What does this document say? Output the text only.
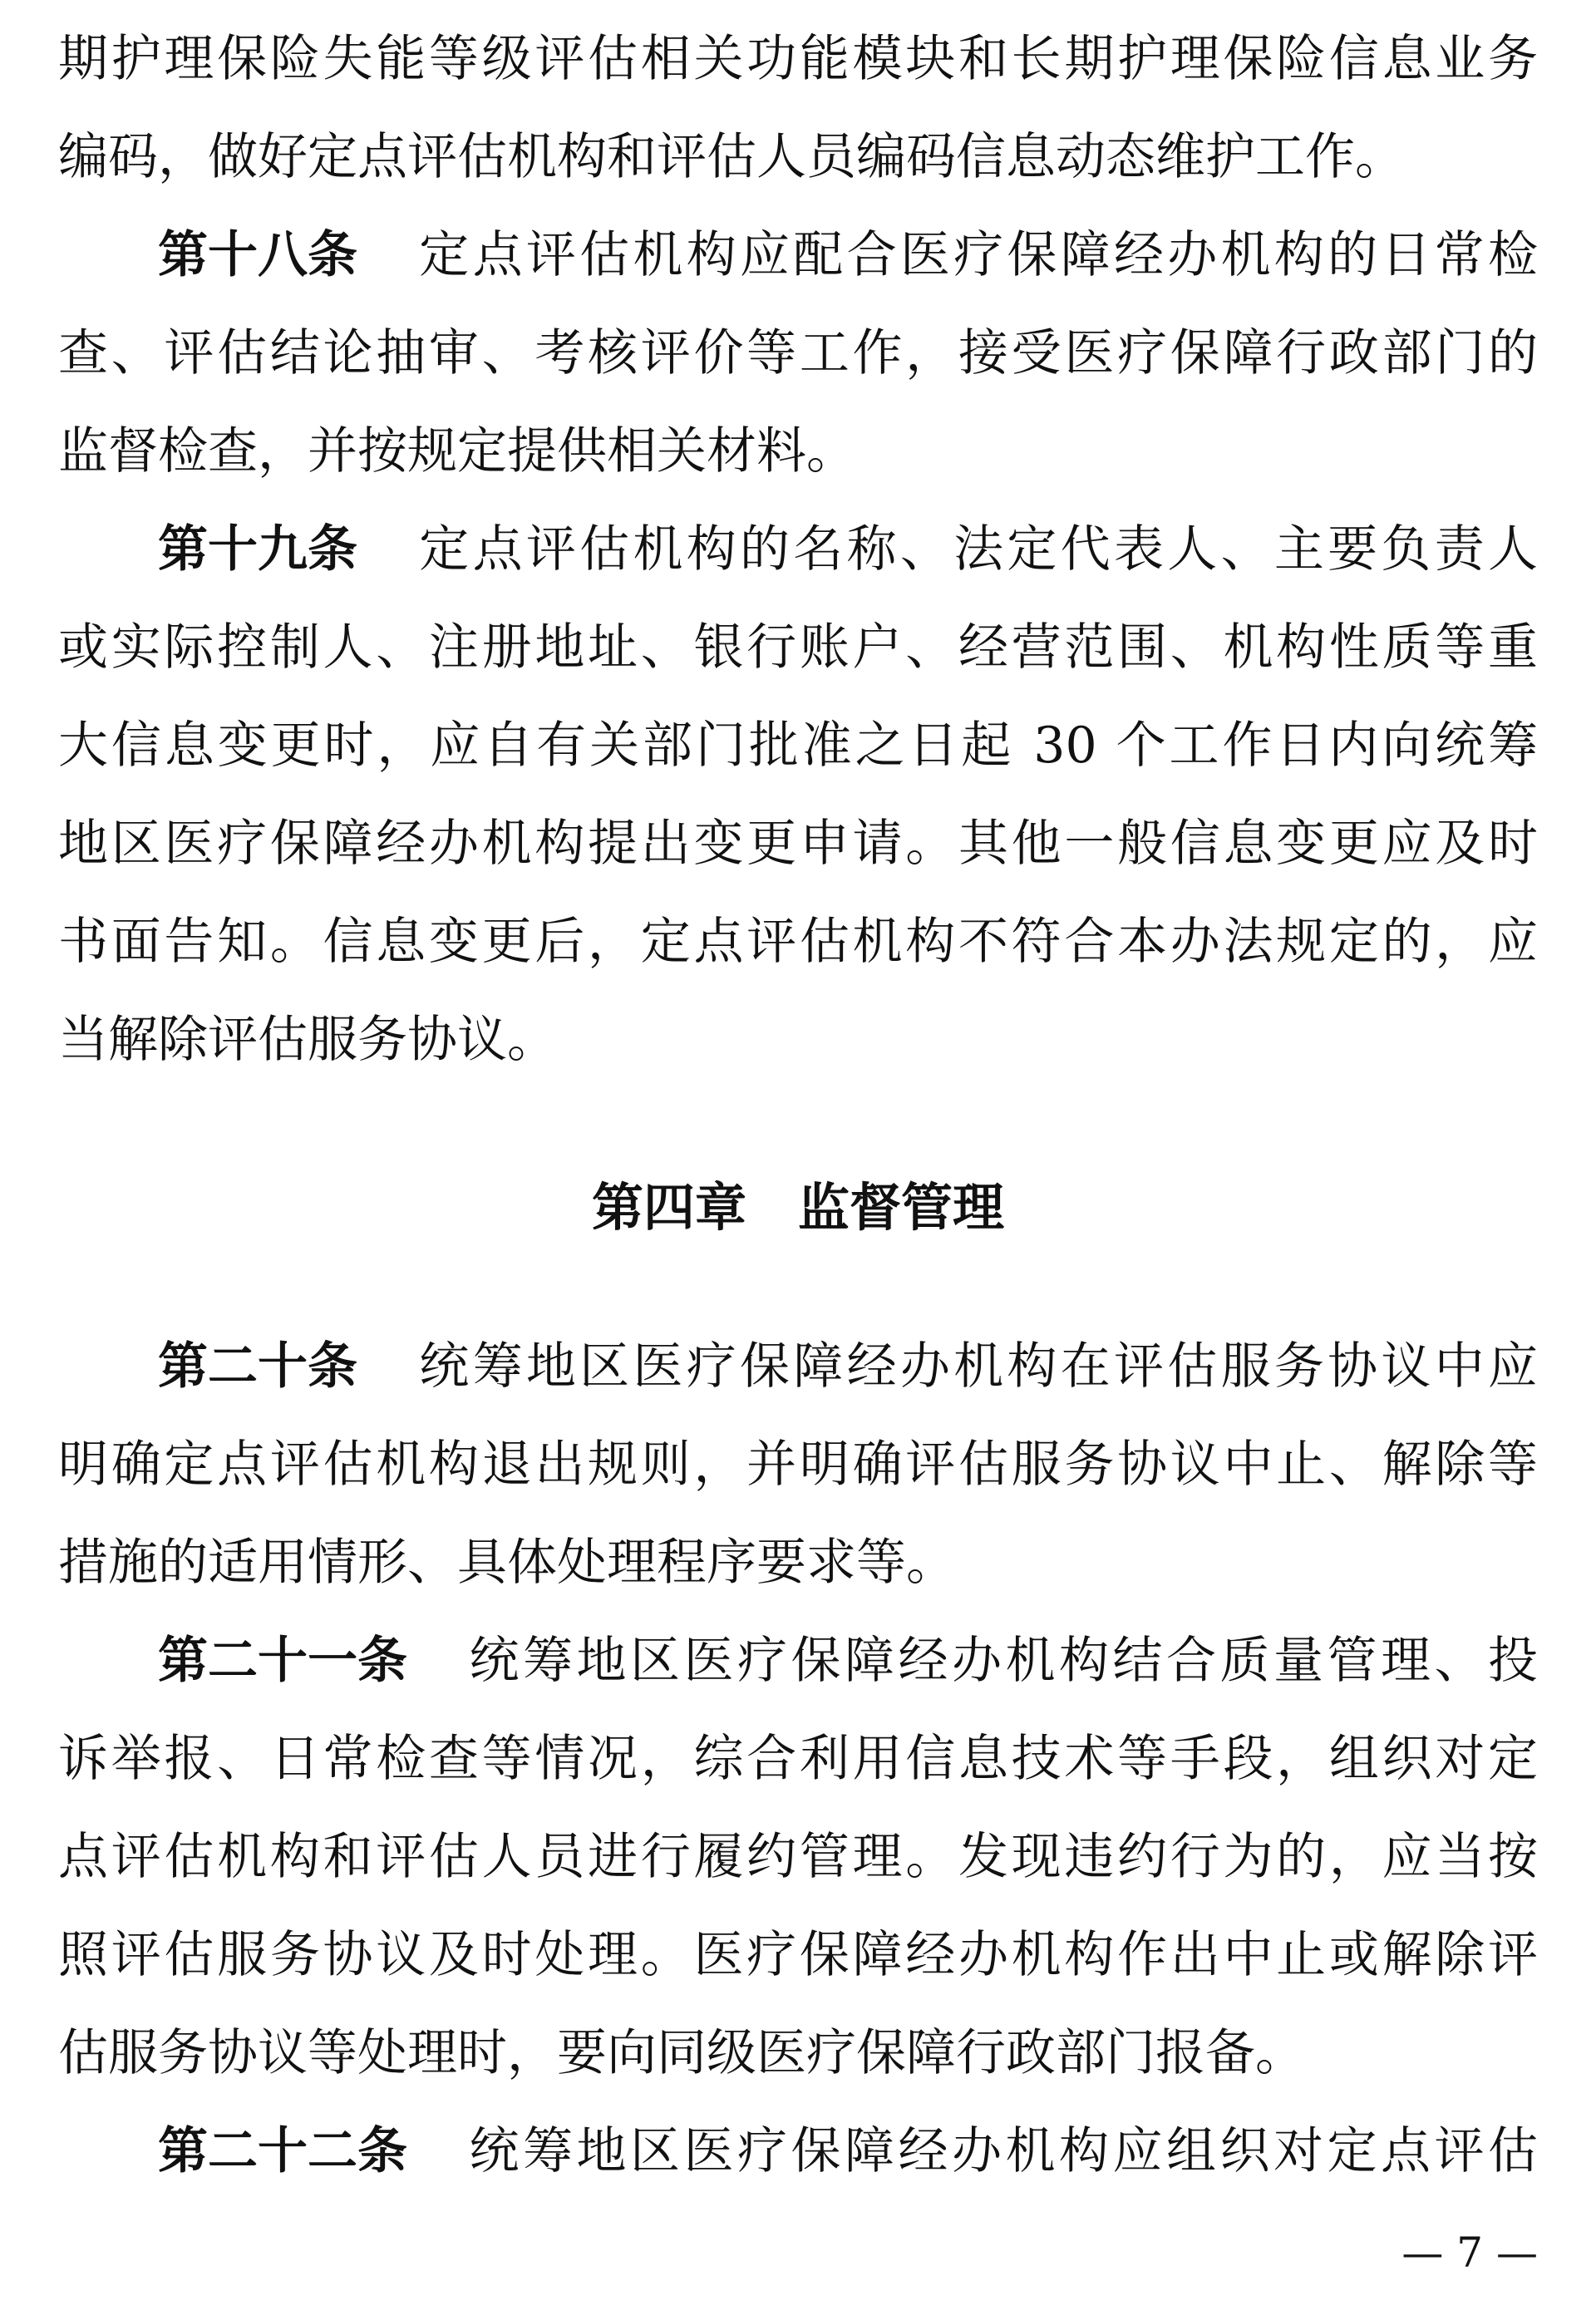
期护理保险失能等级评估相关功能模块和长期护理保险信息业务
编码，做好定点评估机构和评估人员编码信息动态维护工作。
第十八条 定点评估机构应配合医疗保障经办机构的日常检
查、评估结论抽审、考核评价等工作，接受医疗保障行政部门的
监督检查，并按规定提供相关材料。
第十九条 定点评估机构的名称、法定代表人、主要负责人
或实际控制人、注册地址、银行账户、经营范围、机构性质等重
大信息变更时，应自有关部门批准之日起 30 个工作日内向统筹
地区医疗保障经办机构提出变更申请。其他一般信息变更应及时
书面告知。信息变更后，定点评估机构不符合本办法规定的，应
当解除评估服务协议。
第四章　监督管理
第二十条 统筹地区医疗保障经办机构在评估服务协议中应
明确定点评估机构退出规则，并明确评估服务协议中止、解除等
措施的适用情形、具体处理程序要求等。
第二十一条 统筹地区医疗保障经办机构结合质量管理、投
诉举报、日常检查等情况，综合利用信息技术等手段，组织对定
点评估机构和评估人员进行履约管理。发现违约行为的，应当按
照评估服务协议及时处理。医疗保障经办机构作出中止或解除评
估服务协议等处理时，要向同级医疗保障行政部门报备。
第二十二条 统筹地区医疗保障经办机构应组织对定点评估
— 7 —
